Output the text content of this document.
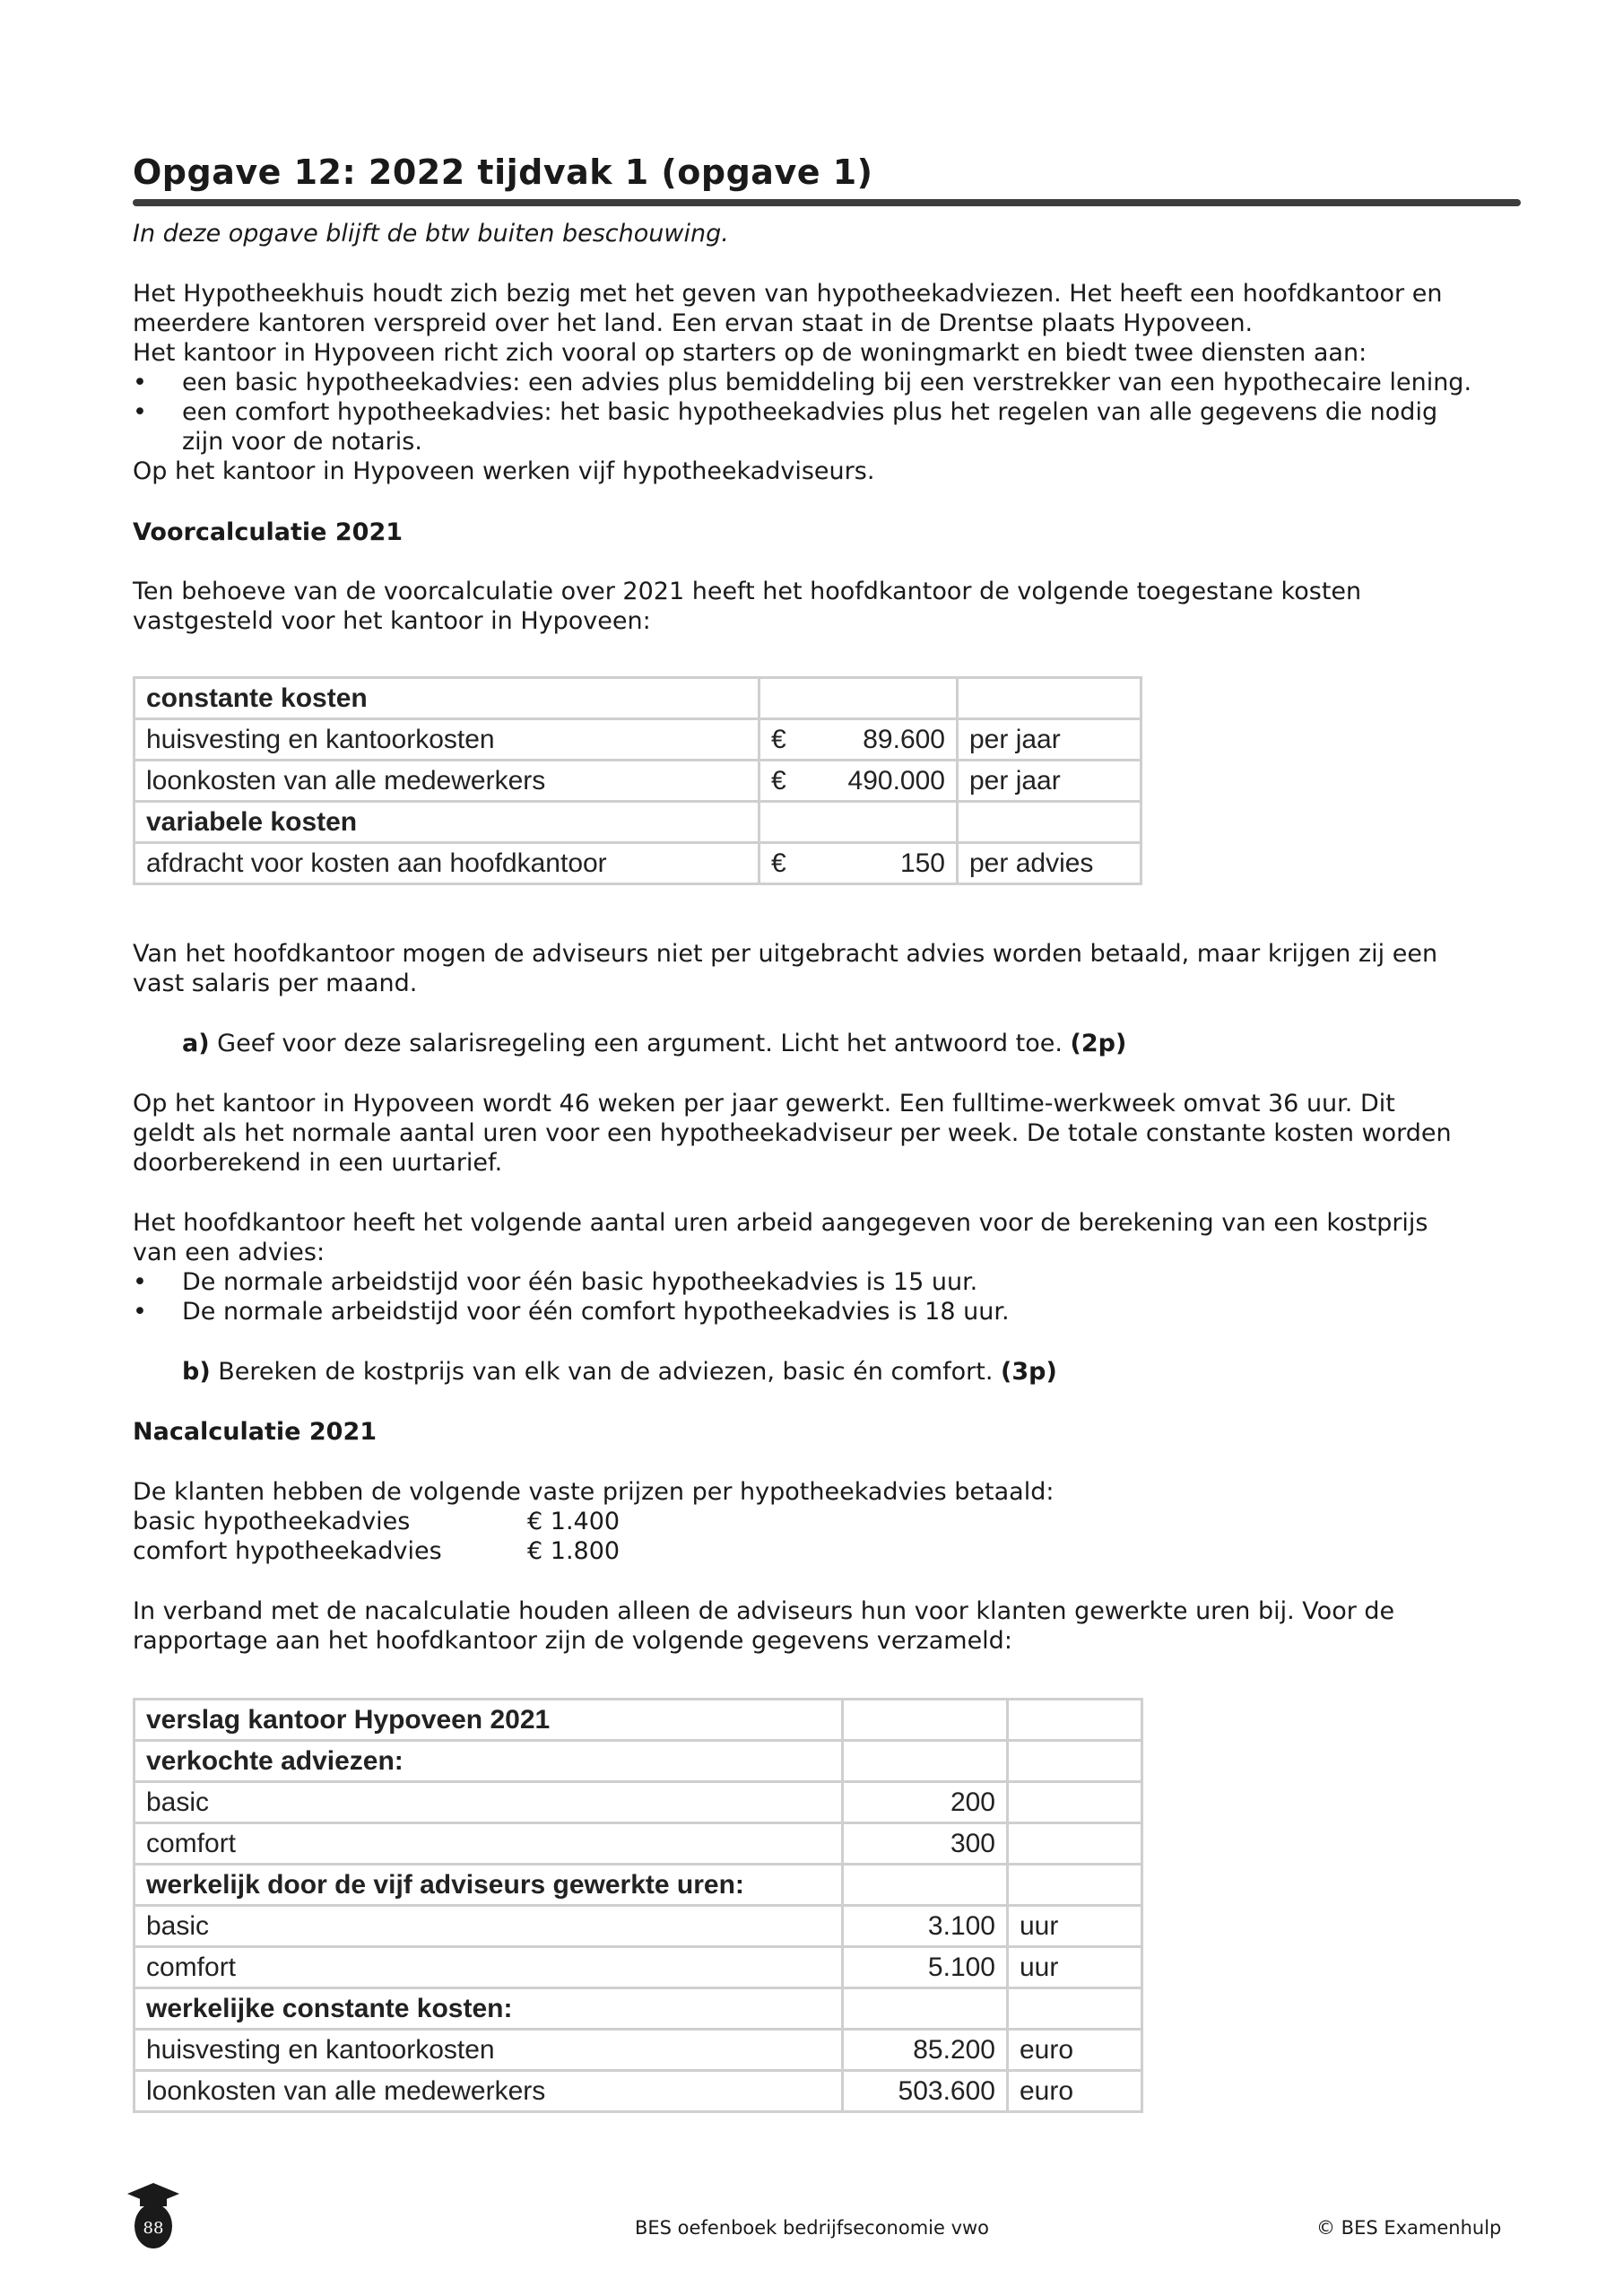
Opgave 12: 2022 tijdvak 1 (opgave 1)
In deze opgave blijft de btw buiten beschouwing.
Het Hypotheekhuis houdt zich bezig met het geven van hypotheekadviezen. Het heeft een hoofdkantoor en
meerdere kantoren verspreid over het land. Een ervan staat in de Drentse plaats Hypoveen.
Het kantoor in Hypoveen richt zich vooral op starters op de woningmarkt en biedt twee diensten aan:
• een basic hypotheekadvies: een advies plus bemiddeling bij een verstrekker van een hypothecaire lening.
• een comfort hypotheekadvies: het basic hypotheekadvies plus het regelen van alle gegevens die nodig
zijn voor de notaris.
Op het kantoor in Hypoveen werken vijf hypotheekadviseurs.
Voorcalculatie 2021
Ten behoeve van de voorcalculatie over 2021 heeft het hoofdkantoor de volgende toegestane kosten
vastgesteld voor het kantoor in Hypoveen:
constante kosten	

huisvesting en kantoorkosten	€ 89.600	per jaar
loonkosten van alle medewerkers	€ 490.000	per jaar
variabele kosten	

afdracht voor kosten aan hoofdkantoor	€ 150	per advies
Van het hoofdkantoor mogen de adviseurs niet per uitgebracht advies worden betaald, maar krijgen zij een
vast salaris per maand.
a) Geef voor deze salarisregeling een argument. Licht het antwoord toe. (2p)
Op het kantoor in Hypoveen wordt 46 weken per jaar gewerkt. Een fulltime-werkweek omvat 36 uur. Dit
geldt als het normale aantal uren voor een hypotheekadviseur per week. De totale constante kosten worden
doorberekend in een uurtarief.
Het hoofdkantoor heeft het volgende aantal uren arbeid aangegeven voor de berekening van een kostprijs
van een advies:
• De normale arbeidstijd voor één basic hypotheekadvies is 15 uur.
• De normale arbeidstijd voor één comfort hypotheekadvies is 18 uur.
b) Bereken de kostprijs van elk van de adviezen, basic én comfort. (3p)
Nacalculatie 2021
De klanten hebben de volgende vaste prijzen per hypotheekadvies betaald:
basic hypotheekadvies	€ 1.400
comfort hypotheekadvies	€ 1.800
In verband met de nacalculatie houden alleen de adviseurs hun voor klanten gewerkte uren bij. Voor de
rapportage aan het hoofdkantoor zijn de volgende gegevens verzameld:
verslag kantoor Hypoveen 2021		
verkochte adviezen:		
basic	200	
comfort	300	
werkelijk door de vijf adviseurs gewerkte uren:		
basic	3.100	uur
comfort	5.100	uur
werkelijke constante kosten:		
huisvesting en kantoorkosten	85.200	euro
loonkosten van alle medewerkers	503.600	euro
88	BES oefenboek bedrijfseconomie vwo	© BES Examenhulp
